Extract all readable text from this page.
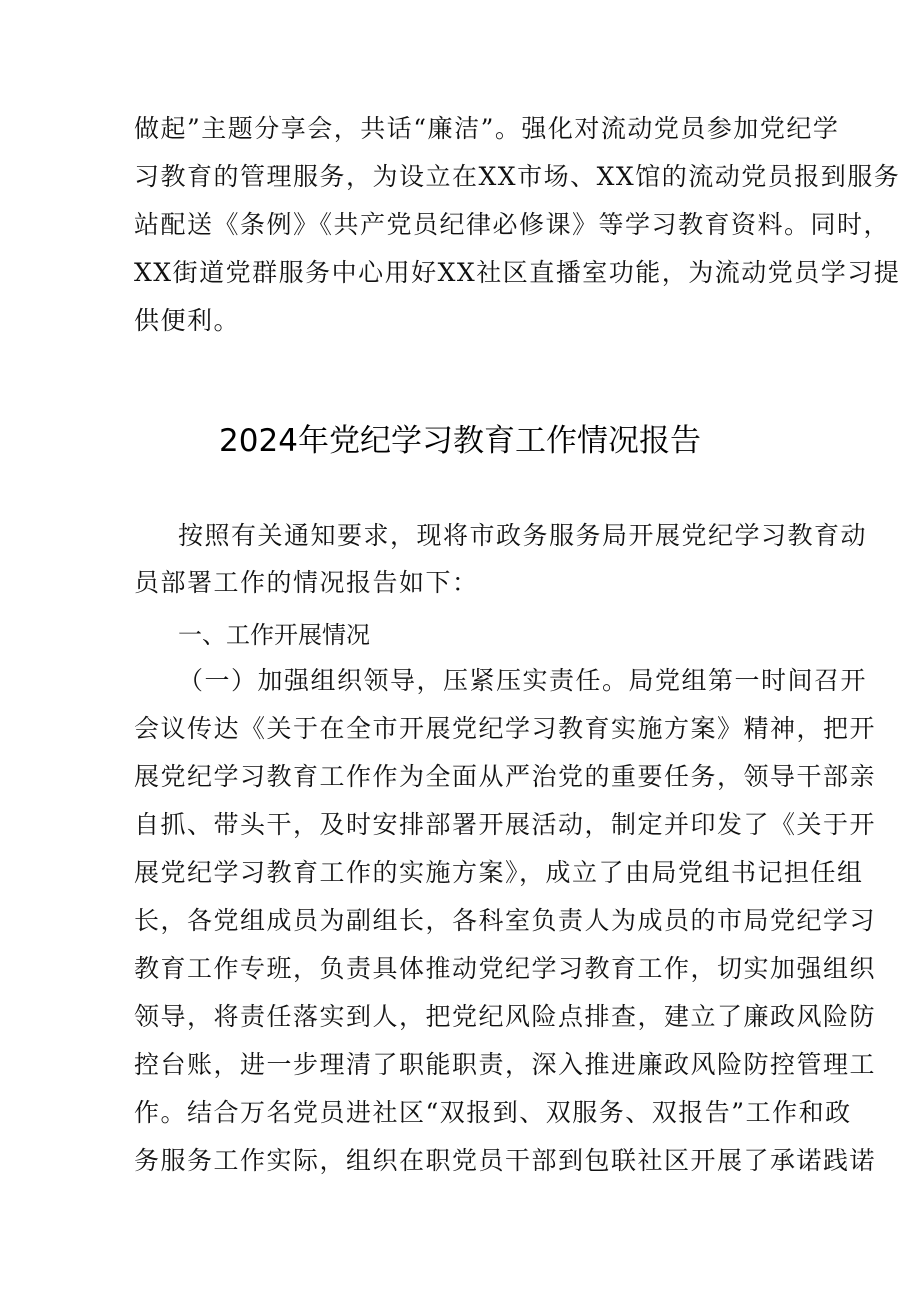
做起”主题分享会，共话“廉洁”。强化对流动党员参加党纪学
习教育的管理服务，为设立在XX市场、XX馆的流动党员报到服务
站配送《条例》《共产党员纪律必修课》等学习教育资料。同时，
XX街道党群服务中心用好XX社区直播室功能，为流动党员学习提
供便利。
2024年党纪学习教育工作情况报告
按照有关通知要求，现将市政务服务局开展党纪学习教育动
员部署工作的情况报告如下：
一、工作开展情况
（一）加强组织领导，压紧压实责任。局党组第一时间召开
会议传达《关于在全市开展党纪学习教育实施方案》精神，把开
展党纪学习教育工作作为全面从严治党的重要任务，领导干部亲
自抓、带头干，及时安排部署开展活动，制定并印发了《关于开
展党纪学习教育工作的实施方案》，成立了由局党组书记担任组
长，各党组成员为副组长，各科室负责人为成员的市局党纪学习
教育工作专班，负责具体推动党纪学习教育工作，切实加强组织
领导，将责任落实到人，把党纪风险点排查，建立了廉政风险防
控台账，进一步理清了职能职责，深入推进廉政风险防控管理工
作。结合万名党员进社区“双报到、双服务、双报告”工作和政
务服务工作实际，组织在职党员干部到包联社区开展了承诺践诺
